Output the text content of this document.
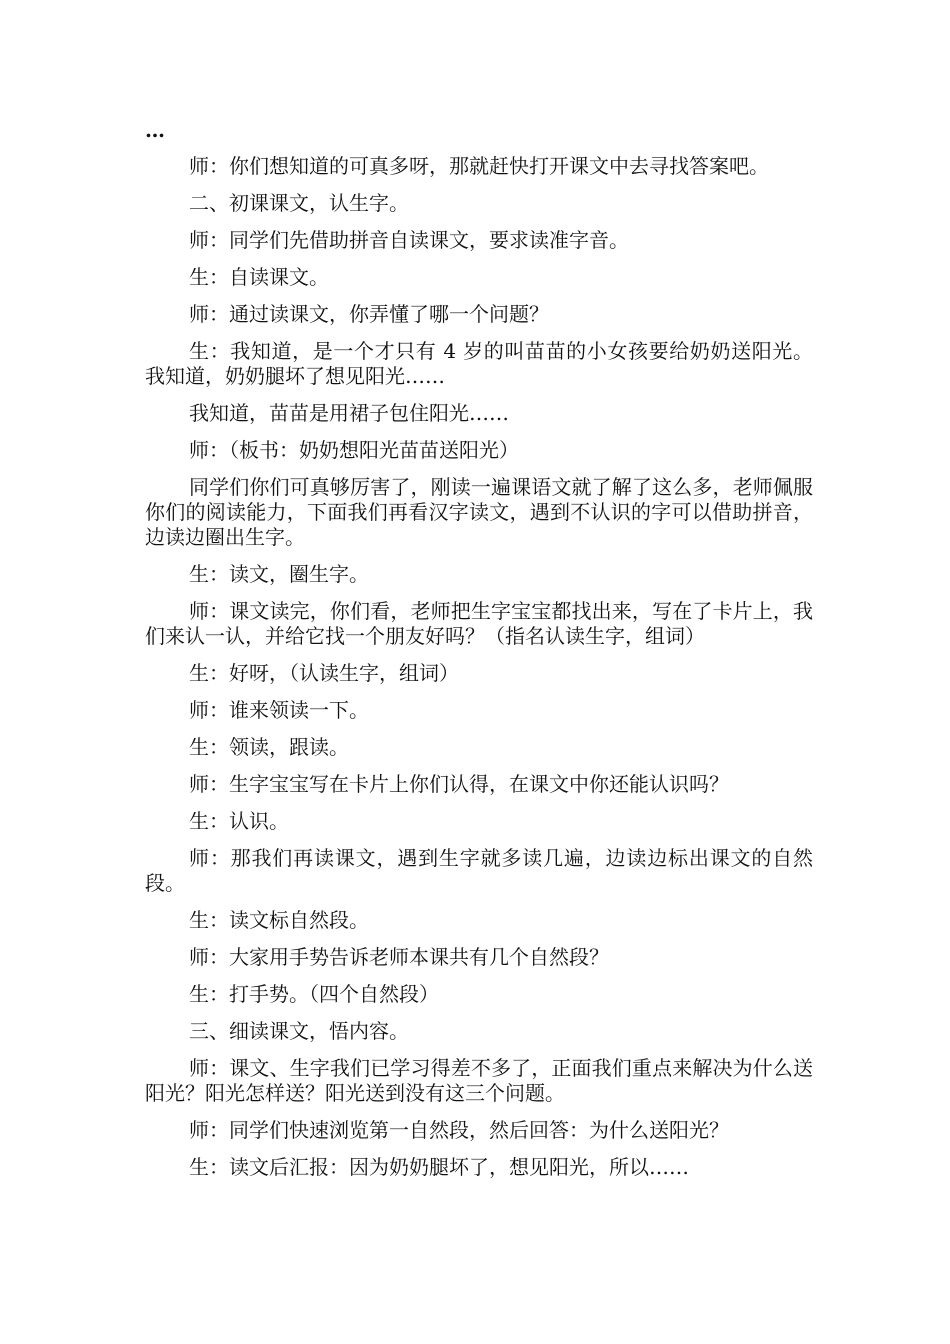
…

师：你们想知道的可真多呀，那就赶快打开课文中去寻找答案吧。

二、初课课文，认生字。

师：同学们先借助拼音自读课文，要求读准字音。

生：自读课文。

师：通过读课文，你弄懂了哪一个问题？

生：我知道，是一个才只有 4 岁的叫苗苗的小女孩要给奶奶送阳光。我知道，奶奶腿坏了想见阳光……

我知道，苗苗是用裙子包住阳光……

师：（板书：奶奶想阳光苗苗送阳光）

同学们你们可真够厉害了，刚读一遍课语文就了解了这么多，老师佩服你们的阅读能力，下面我们再看汉字读文，遇到不认识的字可以借助拼音，边读边圈出生字。

生：读文，圈生字。

师：课文读完，你们看，老师把生字宝宝都找出来，写在了卡片上，我们来认一认，并给它找一个朋友好吗？（指名认读生字，组词）

生：好呀，（认读生字，组词）

师：谁来领读一下。

生：领读，跟读。

师：生字宝宝写在卡片上你们认得，在课文中你还能认识吗？

生：认识。

师：那我们再读课文，遇到生字就多读几遍，边读边标出课文的自然段。

生：读文标自然段。

师：大家用手势告诉老师本课共有几个自然段？

生：打手势。（四个自然段）

三、细读课文，悟内容。

师：课文、生字我们已学习得差不多了，正面我们重点来解决为什么送阳光？阳光怎样送？阳光送到没有这三个问题。

师：同学们快速浏览第一自然段，然后回答：为什么送阳光？

生：读文后汇报：因为奶奶腿坏了，想见阳光，所以……
